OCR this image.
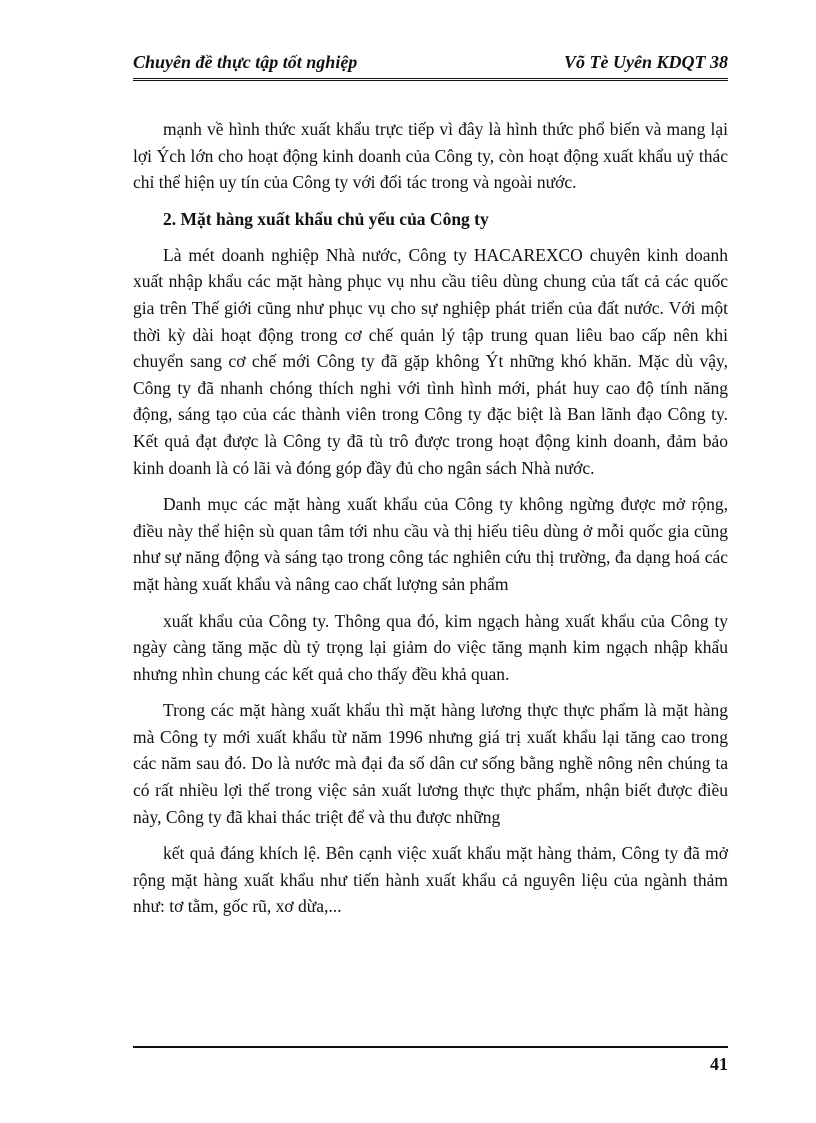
Chuyên đề thực tập tốt nghiệp	Võ Tè Uyên KDQT 38

mạnh về hình thức xuất khẩu trực tiếp vì đây là hình thức phổ biến và mang lại lợi Ých lớn cho hoạt động kinh doanh của Công ty, còn hoạt động xuất khẩu uỷ thác chỉ thể hiện uy tín của Công ty với đối tác trong và ngoài nước.

2. Mặt hàng xuất khẩu chủ yếu của Công ty

Là mét doanh nghiệp Nhà nước, Công ty HACAREXCO chuyên kinh doanh xuất nhập khẩu các mặt hàng phục vụ nhu cầu tiêu dùng chung của tất cả các quốc gia trên Thế giới cũng như phục vụ cho sự nghiệp phát triển của đất nước. Với một thời kỳ dài hoạt động trong cơ chế quản lý tập trung quan liêu bao cấp nên khi chuyển sang cơ chế mới Công ty đã gặp không Ýt những khó khăn. Mặc dù vậy, Công ty đã nhanh chóng thích nghi với tình hình mới, phát huy cao độ tính năng động, sáng tạo của các thành viên trong Công ty đặc biệt là Ban lãnh đạo Công ty. Kết quả đạt được là Công ty đã tù trô được trong hoạt động kinh doanh, đảm bảo kinh doanh là có lãi và đóng góp đầy đủ cho ngân sách Nhà nước.

Danh mục các mặt hàng xuất khẩu của Công ty không ngừng được mở rộng, điều này thể hiện sù quan tâm tới nhu cầu và thị hiếu tiêu dùng ở mỗi quốc gia cũng như sự năng động và sáng tạo trong công tác nghiên cứu thị trường, đa dạng hoá các mặt hàng xuất khẩu và nâng cao chất lượng sản phẩm

xuất khẩu của Công ty. Thông qua đó, kim ngạch hàng xuất khẩu của Công ty ngày càng tăng mặc dù tỷ trọng lại giảm do việc tăng mạnh kim ngạch nhập khẩu nhưng nhìn chung các kết quả cho thấy đều khả quan.

Trong các mặt hàng xuất khẩu thì mặt hàng lương thực thực phẩm là mặt hàng mà Công ty mới xuất khẩu từ năm 1996 nhưng giá trị xuất khẩu lại tăng cao trong các năm sau đó. Do là nước mà đại đa số dân cư sống bằng nghề nông nên chúng ta có rất nhiều lợi thế trong việc sản xuất lương thực thực phẩm, nhận biết được điều này, Công ty đã khai thác triệt để và thu được những

kết quả đáng khích lệ. Bên cạnh việc xuất khẩu mặt hàng thảm, Công ty đã mở rộng mặt hàng xuất khẩu như tiến hành xuất khẩu cả nguyên liệu của ngành thảm như: tơ tằm, gốc rũ, xơ dừa,...

41
